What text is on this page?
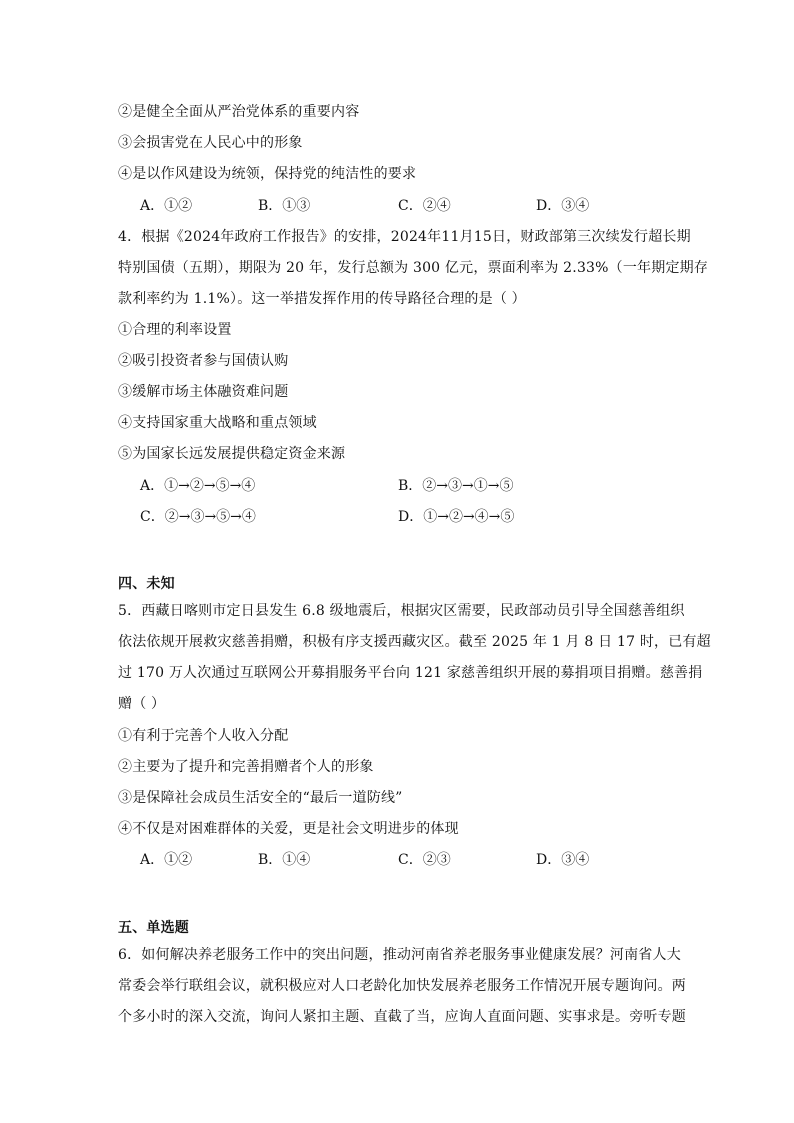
②是健全全面从严治党体系的重要内容
③会损害党在人民心中的形象
④是以作风建设为统领，保持党的纯洁性的要求
A．①②	B．①③	C．②④	D．③④
4．根据《2024年政府工作报告》的安排，2024年11月15日，财政部第三次续发行超长期
特别国债（五期），期限为 20 年，发行总额为 300 亿元，票面利率为 2.33%（一年期定期存
款利率约为 1.1%）。这一举措发挥作用的传导路径合理的是（ ）
①合理的利率设置
②吸引投资者参与国债认购
③缓解市场主体融资难问题
④支持国家重大战略和重点领域
⑤为国家长远发展提供稳定资金来源
A．①→②→⑤→④	B．②→③→①→⑤
C．②→③→⑤→④	D．①→②→④→⑤
四、未知
5．西藏日喀则市定日县发生 6.8 级地震后，根据灾区需要，民政部动员引导全国慈善组织
依法依规开展救灾慈善捐赠，积极有序支援西藏灾区。截至 2025 年 1 月 8 日 17 时，已有超
过 170 万人次通过互联网公开募捐服务平台向 121 家慈善组织开展的募捐项目捐赠。慈善捐
赠（ ）
①有利于完善个人收入分配
②主要为了提升和完善捐赠者个人的形象
③是保障社会成员生活安全的“最后一道防线”
④不仅是对困难群体的关爱，更是社会文明进步的体现
A．①②	B．①④	C．②③	D．③④
五、单选题
6．如何解决养老服务工作中的突出问题，推动河南省养老服务事业健康发展？河南省人大
常委会举行联组会议，就积极应对人口老龄化加快发展养老服务工作情况开展专题询问。两
个多小时的深入交流，询问人紧扣主题、直截了当，应询人直面问题、实事求是。旁听专题
